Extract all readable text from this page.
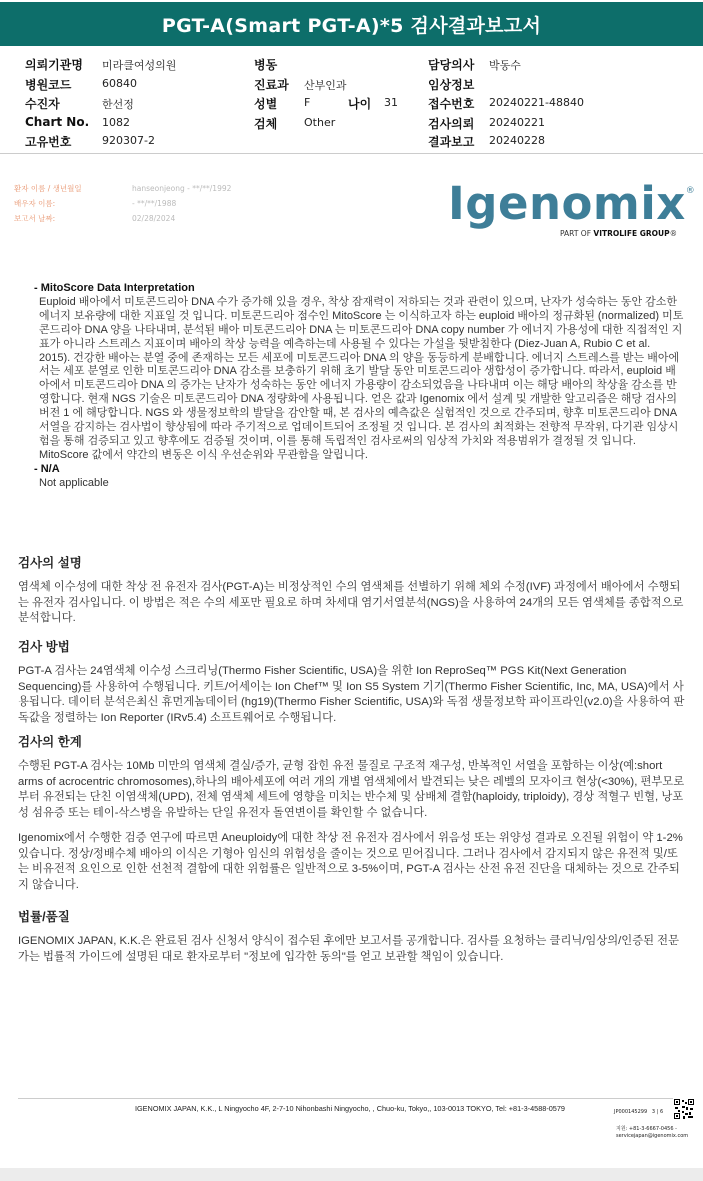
PGT-A(Smart PGT-A)*5 검사결과보고서
의뢰기관명 미라클여성의원
병원코드	60840
수진자	한선정
Chart No. 1082
고유번호	920307-2
병동
진료과 산부인과
성별 F	나이 31
검체 Other
담당의사 박동수
임상정보
접수번호 20240221-48840
검사의뢰 20240221
결과보고 20240228
환자 이름 / 생년월일	hanseonjeong - **/**/1992
배우자 이름:	- **/**/1988
보고서 날짜:	02/28/2024	Igenomix®
PART OF VITROLIFE GROUP®
- MitoScore Data Interpretation
Euploid 배아에서 미토콘드리아 DNA 수가 증가해 있을 경우, 착상 잠재력이 저하되는 것과 관련이 있으며, 난자가 성숙하는 동안 감소한 에너지 보유량에 대한 지표일 것 입니다. 미토콘드리아 점수인 MitoScore 는 이식하고자 하는 euploid 배아의 정규화된 (normalized) 미토콘드리아 DNA 양을 나타내며, 분석된 배아 미토콘드리아 DNA 는 미토콘드리아 DNA copy number 가 에너지 가용성에 대한 직접적인 지표가 아니라 스트레스 지표이며 배아의 착상 능력을 예측하는데 사용될 수 있다는 가설을 뒷받침한다 (Diez-Juan A, Rubio C et al. 2015). 건강한 배아는 분열 중에 존재하는 모든 세포에 미토콘드리아 DNA 의 양을 동등하게 분배합니다. 에너지 스트레스를 받는 배아에서는 세포 분열로 인한 미토콘드리아 DNA 감소를 보충하기 위해 초기 발달 동안 미토콘드리아 생합성이 증가합니다. 따라서, euploid 배아에서 미토콘드리아 DNA 의 증가는 난자가 성숙하는 동안 에너지 가용량이 감소되었음을 나타내며 이는 해당 배아의 착상율 감소를 반영합니다. 현재 NGS 기술은 미토콘드리아 DNA 정량화에 사용됩니다. 얻은 값과 Igenomix 에서 설계 및 개발한 알고리즘은 해당 검사의 버전 1 에 해당합니다. NGS 와 생물정보학의 발달을 감안할 때, 본 검사의 예측값은 실험적인 것으로 간주되며, 향후 미토콘드리아 DNA 서열을 감지하는 검사법이 향상됨에 따라 주기적으로 업데이트되어 조정될 것 입니다. 본 검사의 최적화는 전향적 무작위, 다기관 임상시험을 통해 검증되고 있고 향후에도 검증될 것이며, 이를 통해 독립적인 검사로써의 임상적 가치와 적용범위가 결정될 것 입니다. MitoScore 값에서 약간의 변동은 이식 우선순위와 무관함을 알립니다.
- N/A
Not applicable
검사의 설명
염색체 이수성에 대한 착상 전 유전자 검사(PGT-A)는 비정상적인 수의 염색체를 선별하기 위해 체외 수정(IVF) 과정에서 배아에서 수행되는 유전자 검사입니다. 이 방법은 적은 수의 세포만 필요로 하며 차세대 염기서열분석(NGS)을 사용하여 24개의 모든 염색체를 종합적으로 분석합니다.
검사 방법
PGT-A 검사는 24염색체 이수성 스크리닝(Thermo Fisher Scientific, USA)을 위한 Ion ReproSeq™ PGS Kit(Next Generation Sequencing)를 사용하여 수행됩니다. 키트/어세이는 Ion Chef™ 및 Ion S5 System 기기(Thermo Fisher Scientific, Inc, MA, USA)에서 사용됩니다. 데이터 분석은최신 휴먼게놈데이터 (hg19)(Thermo Fisher Scientific, USA)와 독점 생물정보학 파이프라인(v2.0)을 사용하여 판독값을 정렬하는 Ion Reporter (IRv5.4) 소프트웨어로 수행됩니다.
검사의 한계
수행된 PGT-A 검사는 10Mb 미만의 염색체 결실/증가, 균형 잡힌 유전 물질로 구조적 재구성, 반복적인 서열을 포함하는 이상(예:short arms of acrocentric chromosomes),하나의 배아세포에 여러 개의 개별 염색체에서 발견되는 낮은 레벨의 모자이크 현상(<30%), 편부모로부터 유전되는 단친 이염색체(UPD), 전체 염색체 세트에 영향을 미치는 반수체 및 삼배체 결함(haploidy, triploidy), 경상 적혈구 빈혈, 낭포성 섬유증 또는 테이-삭스병을 유발하는 단일 유전자 돌연변이를 확인할 수 없습니다.
Igenomix에서 수행한 검증 연구에 따르면 Aneuploidy에 대한 착상 전 유전자 검사에서 위음성 또는 위양성 결과로 오진될 위험이 약 1-2% 있습니다. 정상/정배수체 배아의 이식은 기형아 임신의 위험성을 줄이는 것으로 믿어집니다. 그러나 검사에서 감지되지 않은 유전적 및/또는 비유전적 요인으로 인한 선천적 결함에 대한 위험률은 일반적으로 3-5%이며, PGT-A 검사는 산전 유전 진단을 대체하는 것으로 간주되지 않습니다.
법률/품질
IGENOMIX JAPAN, K.K.은 완료된 검사 신청서 양식이 접수된 후에만 보고서를 공개합니다. 검사를 요청하는 클리닉/임상의/인증된 전문가는 법률적 가이드에 설명된 대로 환자로부터 "정보에 입각한 동의"를 얻고 보관할 책임이 있습니다.
IGENOMIX JAPAN, K.K., L Ningyocho 4F, 2-7-10 Nihonbashi Ningyocho, , Chuo-ku, Tokyo,, 103-0013 TOKYO, Tel: +81-3-4588-0579	JP000145299 3 | 6
지원: +81-3-6667-0456 -
servicejapan@igenomix.com
